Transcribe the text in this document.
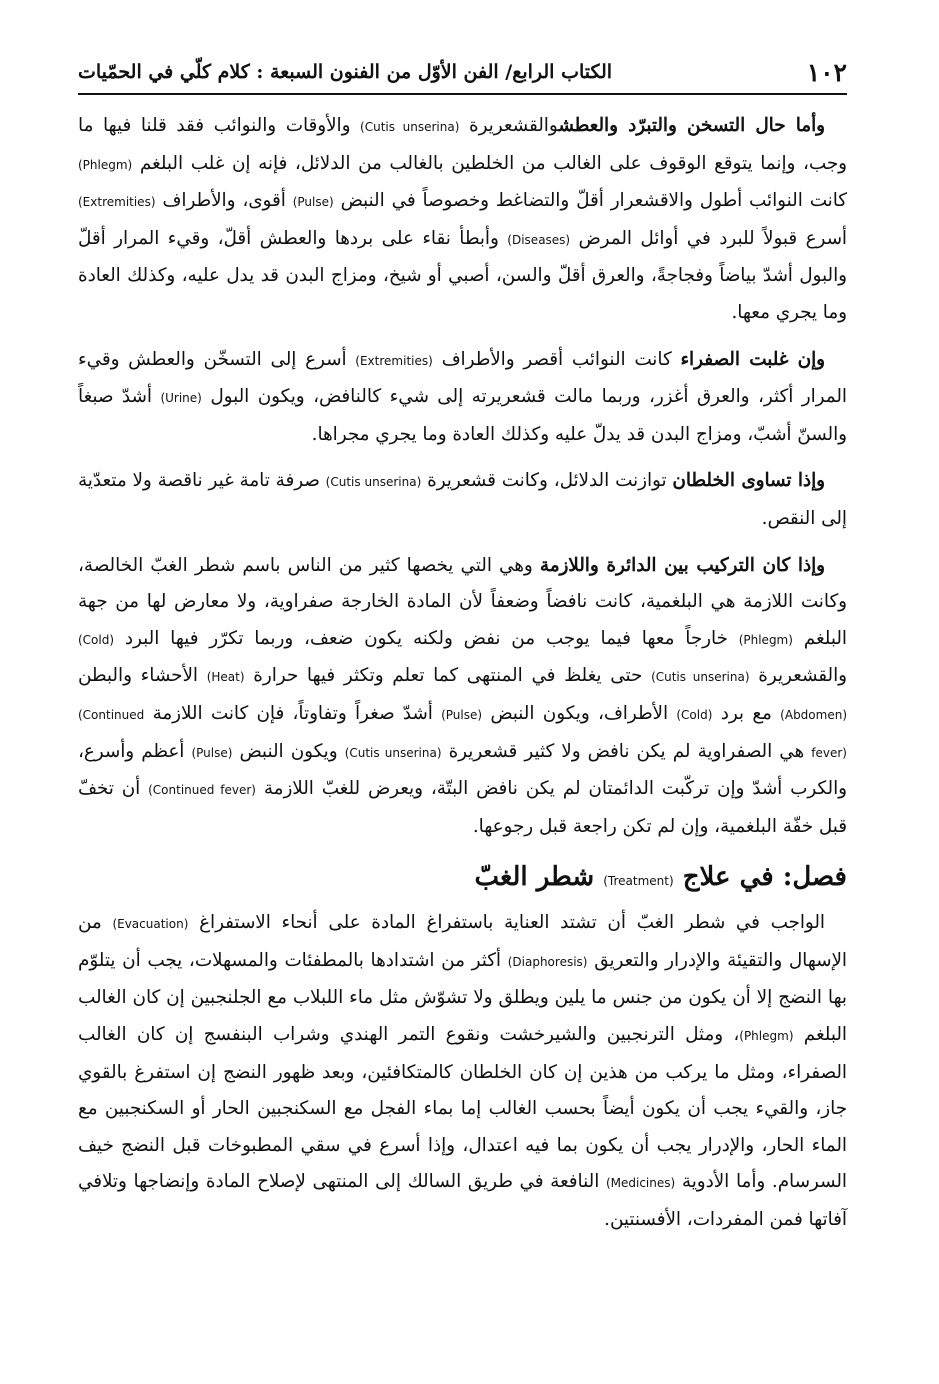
١٠٢
الكتاب الرابع/ الفن الأوّل من الفنون السبعة : كلام كلّي في الحمّيات

وأما حال التسخن والتبرّد والعطشوالقشعريرة (Cutis unserina) والأوقات والنوائب فقد قلنا فيها ما وجب، وإنما يتوقع الوقوف على الغالب من الخلطين بالغالب من الدلائل، فإنه إن غلب البلغم (Phlegm) كانت النوائب أطول والاقشعرار أقلّ والتضاغط وخصوصاً في النبض (Pulse) أقوى، والأطراف (Extremities) أسرع قبولاً للبرد في أوائل المرض (Diseases) وأبطأ نقاء على بردها والعطش أقلّ، وقيء المرار أقلّ والبول أشدّ بياضاً وفجاجةً، والعرق أقلّ والسن، أصبي أو شيخ، ومزاج البدن قد يدل عليه، وكذلك العادة وما يجري معها.

وإن غلبت الصفراء كانت النوائب أقصر والأطراف (Extremities) أسرع إلى التسخّن والعطش وقيء المرار أكثر، والعرق أغزر، وربما مالت قشعريرته إلى شيء كالنافض، ويكون البول (Urine) أشدّ صبغاً والسنّ أشبّ، ومزاج البدن قد يدلّ عليه وكذلك العادة وما يجري مجراها.

وإذا تساوى الخلطان توازنت الدلائل، وكانت قشعريرة (Cutis unserina) صرفة تامة غير ناقصة ولا متعدّية إلى النقص.

وإذا كان التركيب بين الدائرة واللازمة وهي التي يخصها كثير من الناس باسم شطر الغبّ الخالصة، وكانت اللازمة هي البلغمية، كانت نافضاً وضعفاً لأن المادة الخارجة صفراوية، ولا معارض لها من جهة البلغم (Phlegm) خارجاً معها فيما يوجب من نفض ولكنه يكون ضعف، وربما تكرّر فيها البرد (Cold) والقشعريرة (Cutis unserina) حتى يغلظ في المنتهى كما تعلم وتكثر فيها حرارة (Heat) الأحشاء والبطن (Abdomen) مع برد (Cold) الأطراف، ويكون النبض (Pulse) أشدّ صغراً وتفاوتاً، فإن كانت اللازمة (Continued fever) هي الصفراوية لم يكن نافض ولا كثير قشعريرة (Cutis unserina) ويكون النبض (Pulse) أعظم وأسرع، والكرب أشدّ وإن تركّبت الدائمتان لم يكن نافض البتّة، ويعرض للغبّ اللازمة (Continued fever) أن تخفّ قبل خفّة البلغمية، وإن لم تكن راجعة قبل رجوعها.

فصل: في علاج (Treatment) شطر الغبّ

الواجب في شطر الغبّ أن تشتد العناية باستفراغ المادة على أنحاء الاستفراغ (Evacuation) من الإسهال والتقيئة والإدرار والتعريق (Diaphoresis) أكثر من اشتدادها بالمطفئات والمسهلات، يجب أن يتلوّم بها النضج إلا أن يكون من جنس ما يلين ويطلق ولا تشوّش مثل ماء اللبلاب مع الجلنجبين إن كان الغالب البلغم (Phlegm)، ومثل الترنجبين والشيرخشت ونقوع التمر الهندي وشراب البنفسج إن كان الغالب الصفراء، ومثل ما يركب من هذين إن كان الخلطان كالمتكافئين، وبعد ظهور النضج إن استفرغ بالقوي جاز، والقيء يجب أن يكون أيضاً بحسب الغالب إما بماء الفجل مع السكنجبين الحار أو السكنجبين مع الماء الحار، والإدرار يجب أن يكون بما فيه اعتدال، وإذا أسرع في سقي المطبوخات قبل النضج خيف السرسام. وأما الأدوية (Medicines) النافعة في طريق السالك إلى المنتهى لإصلاح المادة وإنضاجها وتلافي آفاتها فمن المفردات، الأفسنتين.
